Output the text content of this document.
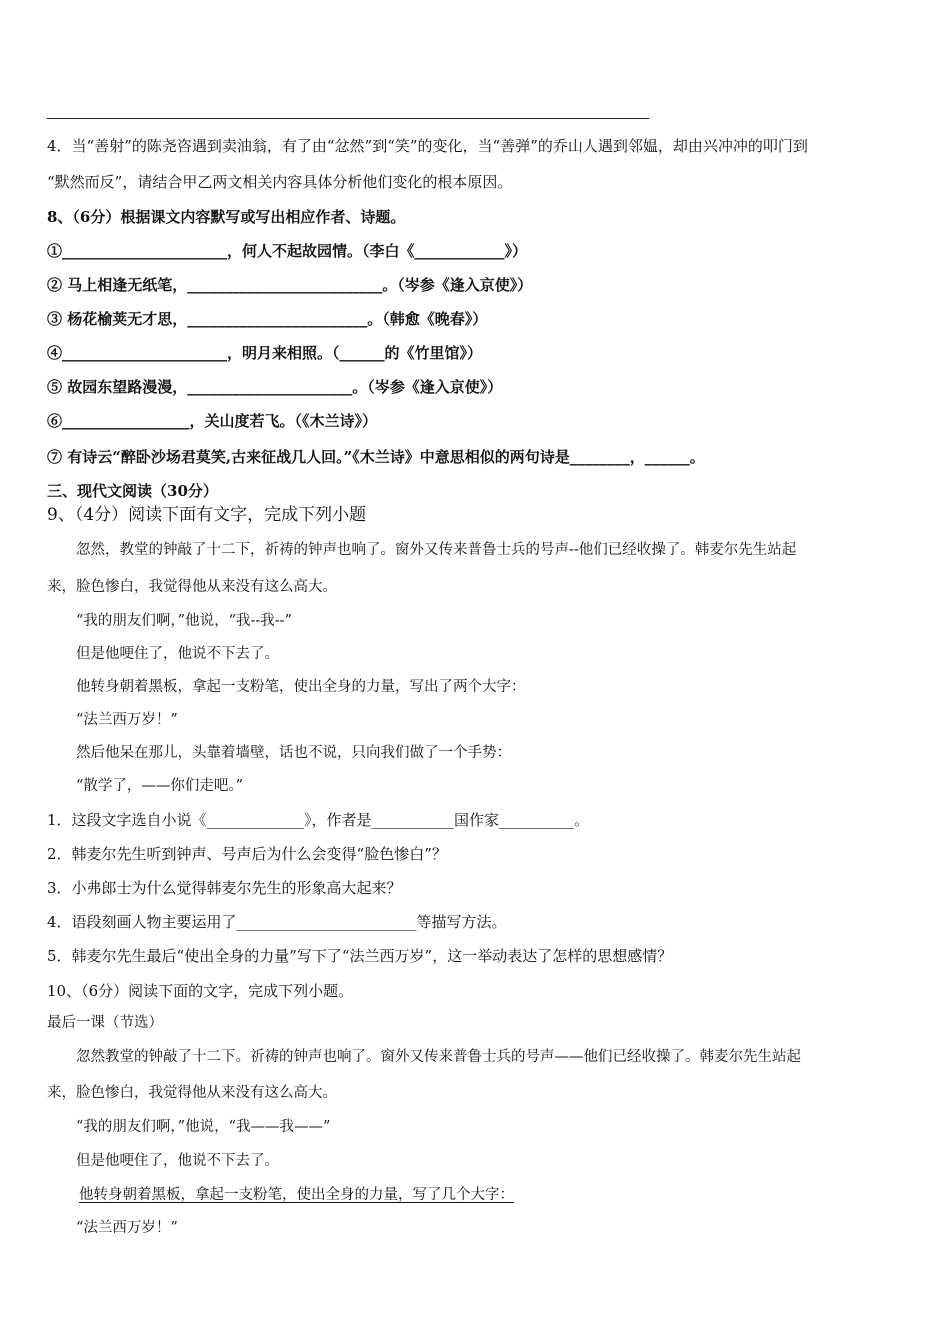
4．当“善射”的陈尧咨遇到卖油翁，有了由“忿然”到“笑”的变化，当“善弹”的乔山人遇到邻媪，却由兴冲冲的叩门到
“默然而反”，请结合甲乙两文相关内容具体分析他们变化的根本原因。
8、（6分）根据课文内容默写或写出相应作者、诗题。
①______________________，何人不起故园情。（李白《____________》）
② 马上相逢无纸笔，__________________________。（岑参《逢入京使》）
③ 杨花榆荚无才思，________________________。（韩愈《晚春》）
④______________________，明月来相照。（______的《竹里馆》）
⑤ 故园东望路漫漫，______________________。（岑参《逢入京使》）
⑥_________________，关山度若飞。（《木兰诗》）
⑦ 有诗云“醉卧沙场君莫笑,古来征战几人回。”《木兰诗》中意思相似的两句诗是________，______。
三、现代文阅读（30分）
9、（4分）阅读下面有文字，完成下列小题
　　忽然，教堂的钟敲了十二下，祈祷的钟声也响了。窗外又传来普鲁士兵的号声--他们已经收操了。韩麦尔先生站起
来，脸色惨白，我觉得他从来没有这么高大。
　　“我的朋友们啊，”他说，“我--我--”
　　但是他哽住了，他说不下去了。
　　他转身朝着黑板，拿起一支粉笔，使出全身的力量，写出了两个大字：
　　“法兰西万岁！”
　　然后他呆在那儿，头靠着墙壁，话也不说，只向我们做了一个手势：
　　“散学了，——你们走吧。”
1．这段文字选自小说《_____________》，作者是___________国作家__________。
2．韩麦尔先生听到钟声、号声后为什么会变得“脸色惨白”？
3．小弗郎士为什么觉得韩麦尔先生的形象高大起来？
4．语段刻画人物主要运用了________________________等描写方法。
5．韩麦尔先生最后“使出全身的力量”写下了“法兰西万岁”，这一举动表达了怎样的思想感情？
10、（6分）阅读下面的文字，完成下列小题。
最后一课（节选）
　　忽然教堂的钟敲了十二下。祈祷的钟声也响了。窗外又传来普鲁士兵的号声——他们已经收操了。韩麦尔先生站起
来，脸色惨白，我觉得他从来没有这么高大。
　　“我的朋友们啊，”他说，“我——我——”
　　但是他哽住了，他说不下去了。
他转身朝着黑板，拿起一支粉笔，使出全身的力量，写了几个大字：
　　“法兰西万岁！”
